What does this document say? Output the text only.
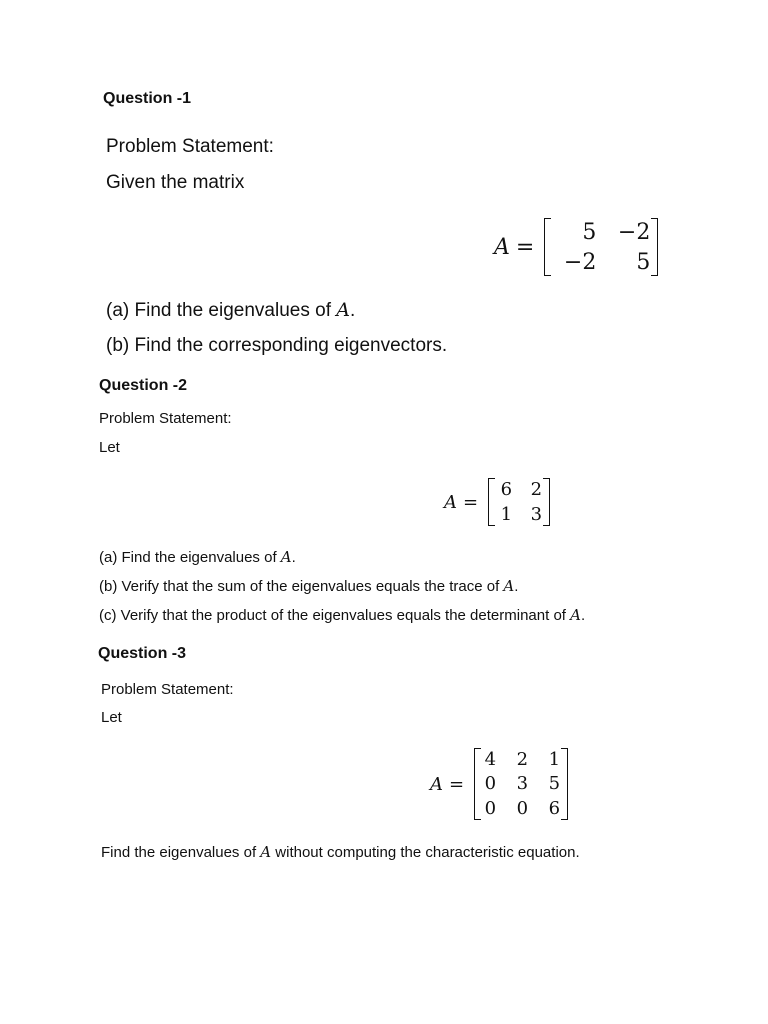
Question -1
Problem Statement:
Given the matrix
A =
5 −2
−2	5
(a) Find the eigenvalues of A.
(b) Find the corresponding eigenvectors.
Question -2
Problem Statement:
Let
A =
6	2
1	3
(a) Find the eigenvalues of A.
(b) Verify that the sum of the eigenvalues equals the trace of A.
(c) Verify that the product of the eigenvalues equals the determinant of A.
Question -3
Problem Statement:
Let
A =
4	2	1
0	3	5
0	0	6
Find the eigenvalues of A without computing the characteristic equation.
